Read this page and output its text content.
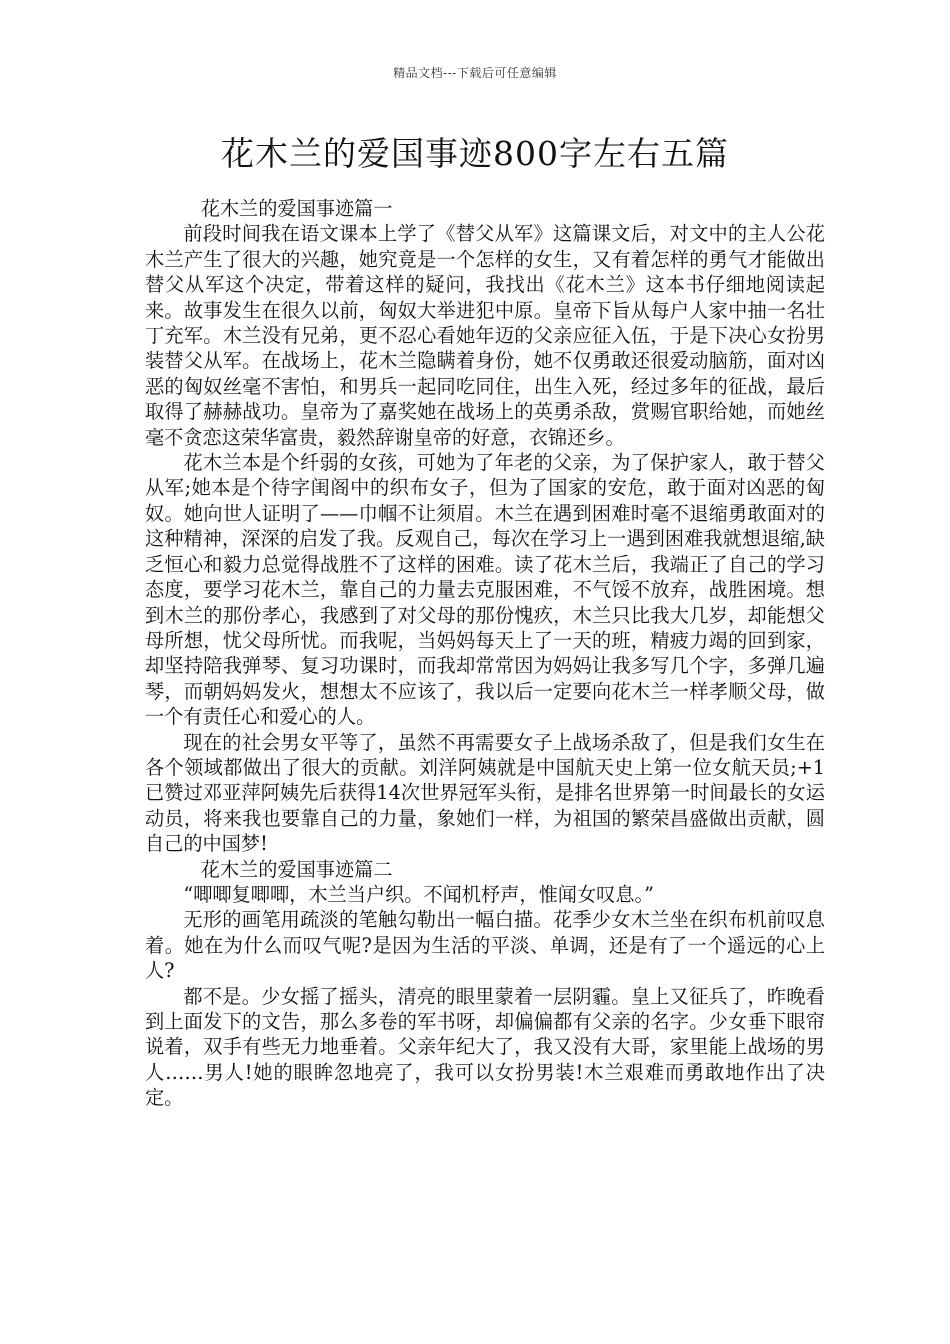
精品文档---下载后可任意编辑
花木兰的爱国事迹800字左右五篇

花木兰的爱国事迹篇一

前段时间我在语文课本上学了《替父从军》这篇课文后，对文中的主人公花木兰产生了很大的兴趣，她究竟是一个怎样的女生，又有着怎样的勇气才能做出替父从军这个决定，带着这样的疑问，我找出《花木兰》这本书仔细地阅读起来。故事发生在很久以前，匈奴大举进犯中原。皇帝下旨从每户人家中抽一名壮丁充军。木兰没有兄弟，更不忍心看她年迈的父亲应征入伍，于是下决心女扮男装替父从军。在战场上，花木兰隐瞒着身份，她不仅勇敢还很爱动脑筋，面对凶恶的匈奴丝毫不害怕，和男兵一起同吃同住，出生入死，经过多年的征战，最后取得了赫赫战功。皇帝为了嘉奖她在战场上的英勇杀敌，赏赐官职给她，而她丝毫不贪恋这荣华富贵，毅然辞谢皇帝的好意，衣锦还乡。

花木兰本是个纤弱的女孩，可她为了年老的父亲，为了保护家人，敢于替父从军;她本是个待字闺阁中的织布女子，但为了国家的安危，敢于面对凶恶的匈奴。她向世人证明了——巾帼不让须眉。木兰在遇到困难时毫不退缩勇敢面对的这种精神，深深的启发了我。反观自己，每次在学习上一遇到困难我就想退缩,缺乏恒心和毅力总觉得战胜不了这样的困难。读了花木兰后，我端正了自己的学习态度，要学习花木兰，靠自己的力量去克服困难，不气馁不放弃，战胜困境。想到木兰的那份孝心，我感到了对父母的那份愧疚，木兰只比我大几岁，却能想父母所想，忧父母所忧。而我呢，当妈妈每天上了一天的班，精疲力竭的回到家，却坚持陪我弹琴、复习功课时，而我却常常因为妈妈让我多写几个字，多弹几遍琴，而朝妈妈发火，想想太不应该了，我以后一定要向花木兰一样孝顺父母，做一个有责任心和爱心的人。

现在的社会男女平等了，虽然不再需要女子上战场杀敌了，但是我们女生在各个领域都做出了很大的贡献。刘洋阿姨就是中国航天史上第一位女航天员;+1已赞过邓亚萍阿姨先后获得14次世界冠军头衔，是排名世界第一时间最长的女运动员，将来我也要靠自己的力量，象她们一样，为祖国的繁荣昌盛做出贡献，圆自己的中国梦!

花木兰的爱国事迹篇二

“唧唧复唧唧，木兰当户织。不闻机杼声，惟闻女叹息。”

无形的画笔用疏淡的笔触勾勒出一幅白描。花季少女木兰坐在织布机前叹息着。她在为什么而叹气呢?是因为生活的平淡、单调，还是有了一个遥远的心上人?

都不是。少女摇了摇头，清亮的眼里蒙着一层阴霾。皇上又征兵了，昨晚看到上面发下的文告，那么多卷的军书呀，却偏偏都有父亲的名字。少女垂下眼帘说着，双手有些无力地垂着。父亲年纪大了，我又没有大哥，家里能上战场的男人……男人!她的眼眸忽地亮了，我可以女扮男装!木兰艰难而勇敢地作出了决定。
